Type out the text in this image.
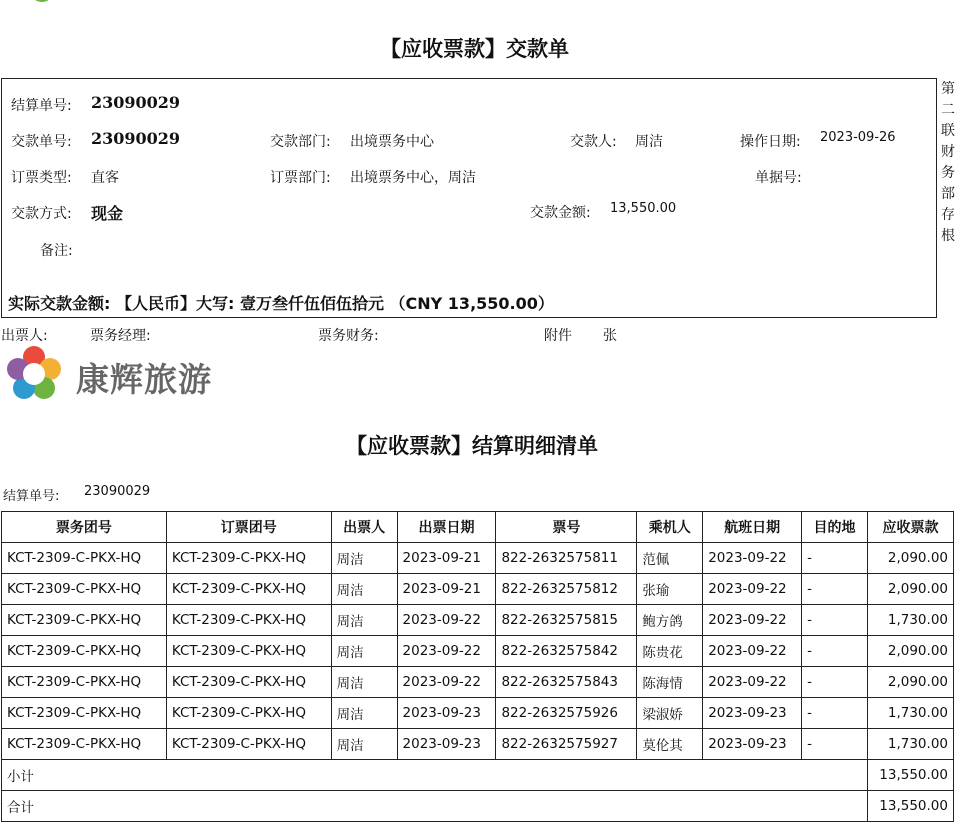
【应收票款】交款单
结算单号: 23090029
交款单号: 23090029	交款部门: 出境票务中心	交款人: 周洁	操作日期: 2023-09-26
订票类型: 直客	订票部门: 出境票务中心，周洁	单据号:
交款方式: 现金	交款金额: 13,550.00
备注:
实际交款金额: 【人民币】大写: 壹万叁仟伍佰伍拾元 （CNY 13,550.00）
第二联财务部存根
出票人:	票务经理:	票务财务:	附件 张
康辉旅游
【应收票款】结算明细清单
结算单号: 23090029
票务团号	订票团号	出票人	出票日期	票号	乘机人	航班日期	目的地	应收票款
KCT-2309-C-PKX-HQ	KCT-2309-C-PKX-HQ	周洁	2023-09-21	822-2632575811	范佩	2023-09-22	-	2,090.00
KCT-2309-C-PKX-HQ	KCT-2309-C-PKX-HQ	周洁	2023-09-21	822-2632575812	张瑜	2023-09-22	-	2,090.00
KCT-2309-C-PKX-HQ	KCT-2309-C-PKX-HQ	周洁	2023-09-22	822-2632575815	鲍方鸽	2023-09-22	-	1,730.00
KCT-2309-C-PKX-HQ	KCT-2309-C-PKX-HQ	周洁	2023-09-22	822-2632575842	陈贵花	2023-09-22	-	2,090.00
KCT-2309-C-PKX-HQ	KCT-2309-C-PKX-HQ	周洁	2023-09-22	822-2632575843	陈海情	2023-09-22	-	2,090.00
KCT-2309-C-PKX-HQ	KCT-2309-C-PKX-HQ	周洁	2023-09-23	822-2632575926	梁淑娇	2023-09-23	-	1,730.00
KCT-2309-C-PKX-HQ	KCT-2309-C-PKX-HQ	周洁	2023-09-23	822-2632575927	莫伦其	2023-09-23	-	1,730.00
小计								13,550.00
合计								13,550.00
